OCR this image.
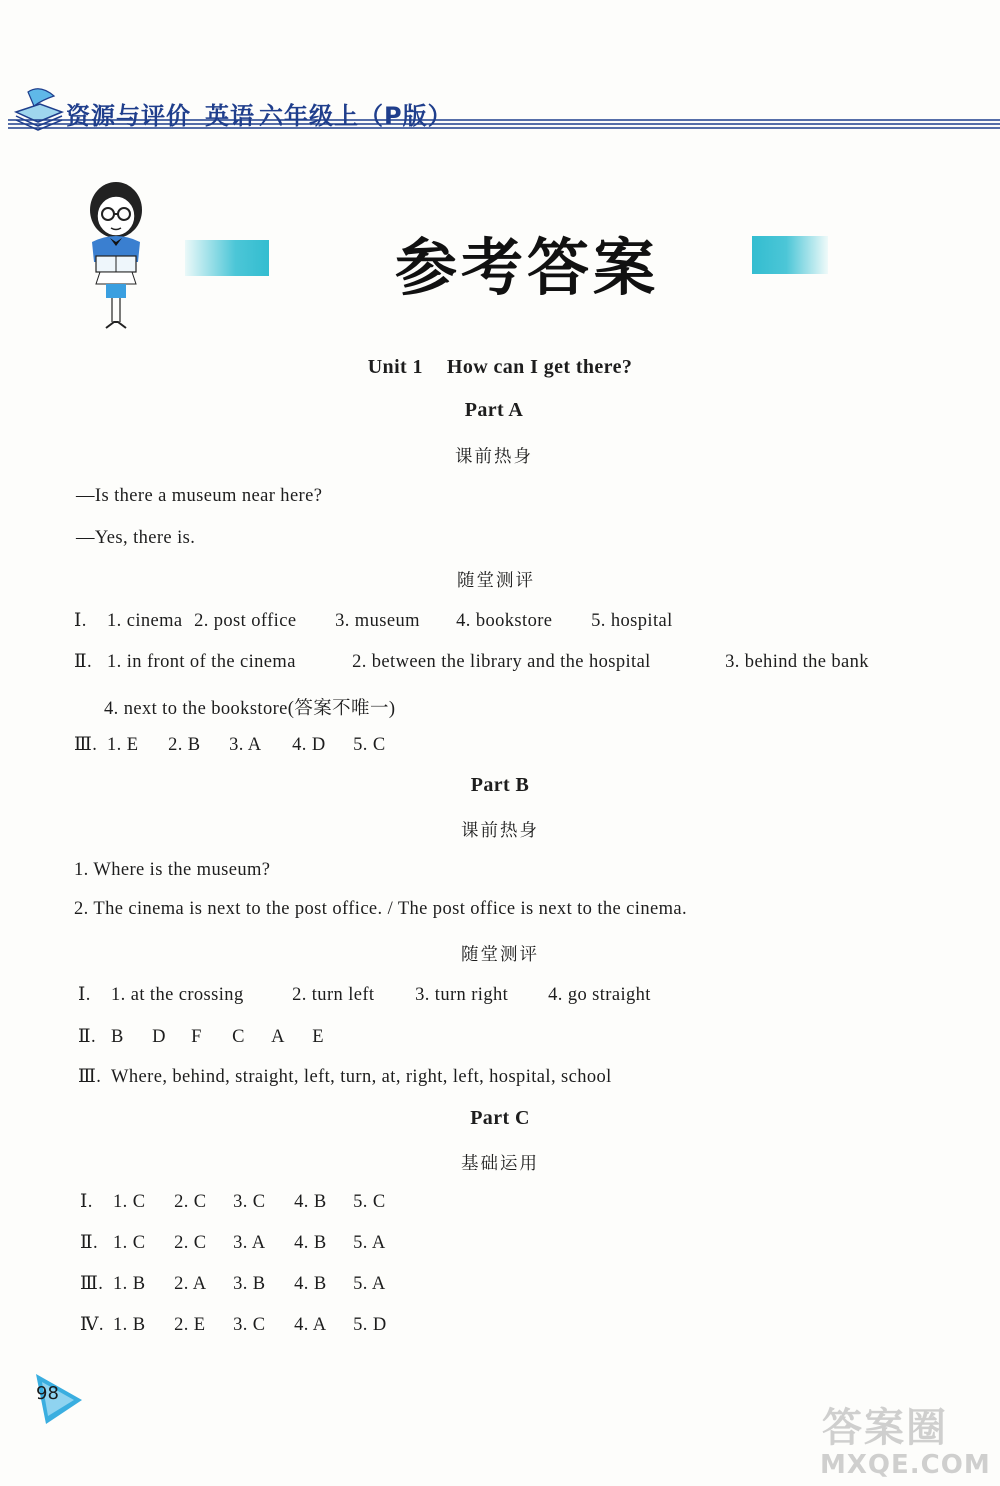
资源与评价 英语 六年级上（P版）
参考答案
Unit 1 How can I get there?
Part A
课前热身
—Is there a museum near here?
—Yes, there is.
随堂测评
Ⅰ. 1. cinema 2. post office 3. museum 4. bookstore 5. hospital
Ⅱ. 1. in front of the cinema	2. between the library and the hospital	3. behind the bank
4. next to the bookstore(答案不唯一)
Ⅲ. 1. E 2. B 3. A 4. D 5. C
Part B
课前热身
1. Where is the museum?
2. The cinema is next to the post office. / The post office is next to the cinema.
随堂测评
Ⅰ. 1. at the crossing	2. turn left 3. turn right 4. go straight
Ⅱ. B D F C A E
Ⅲ. Where, behind, straight, left, turn, at, right, left, hospital, school
Part C
基础运用
Ⅰ. 1. C 2. C 3. C 4. B 5. C
Ⅱ. 1. C 2. C 3. A 4. B 5. A
Ⅲ. 1. B 2. A 3. B 4. B 5. A
Ⅳ. 1. B 2. E 3. C 4. A 5. D
98
答案圈
MXQE.COM
